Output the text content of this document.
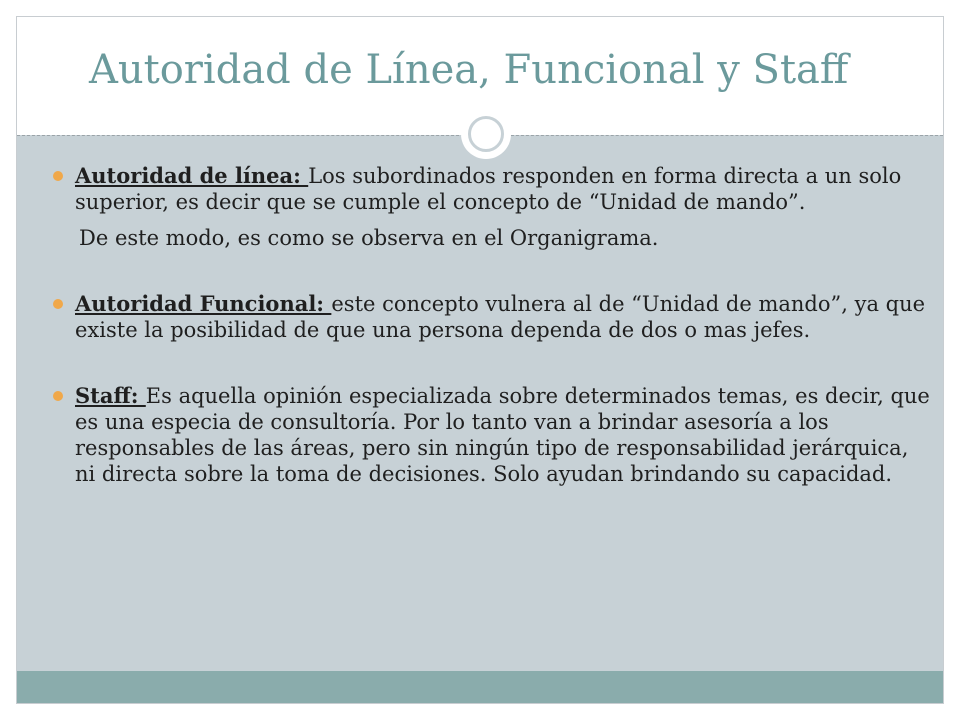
Autoridad de Línea, Funcional y Staff
Autoridad de línea: Los subordinados responden en forma directa a un solo superior, es decir que se cumple el concepto de “Unidad de mando”.
De este modo, es como se observa en el Organigrama.
Autoridad Funcional: este concepto vulnera al de “Unidad de mando”, ya que existe la posibilidad de que una persona dependa de dos o mas jefes.
Staff: Es aquella opinión especializada sobre determinados temas, es decir, que es una especia de consultoría. Por lo tanto van a brindar asesoría a los responsables de las áreas, pero sin ningún tipo de responsabilidad jerárquica, ni directa sobre la toma de decisiones. Solo ayudan brindando su capacidad.
